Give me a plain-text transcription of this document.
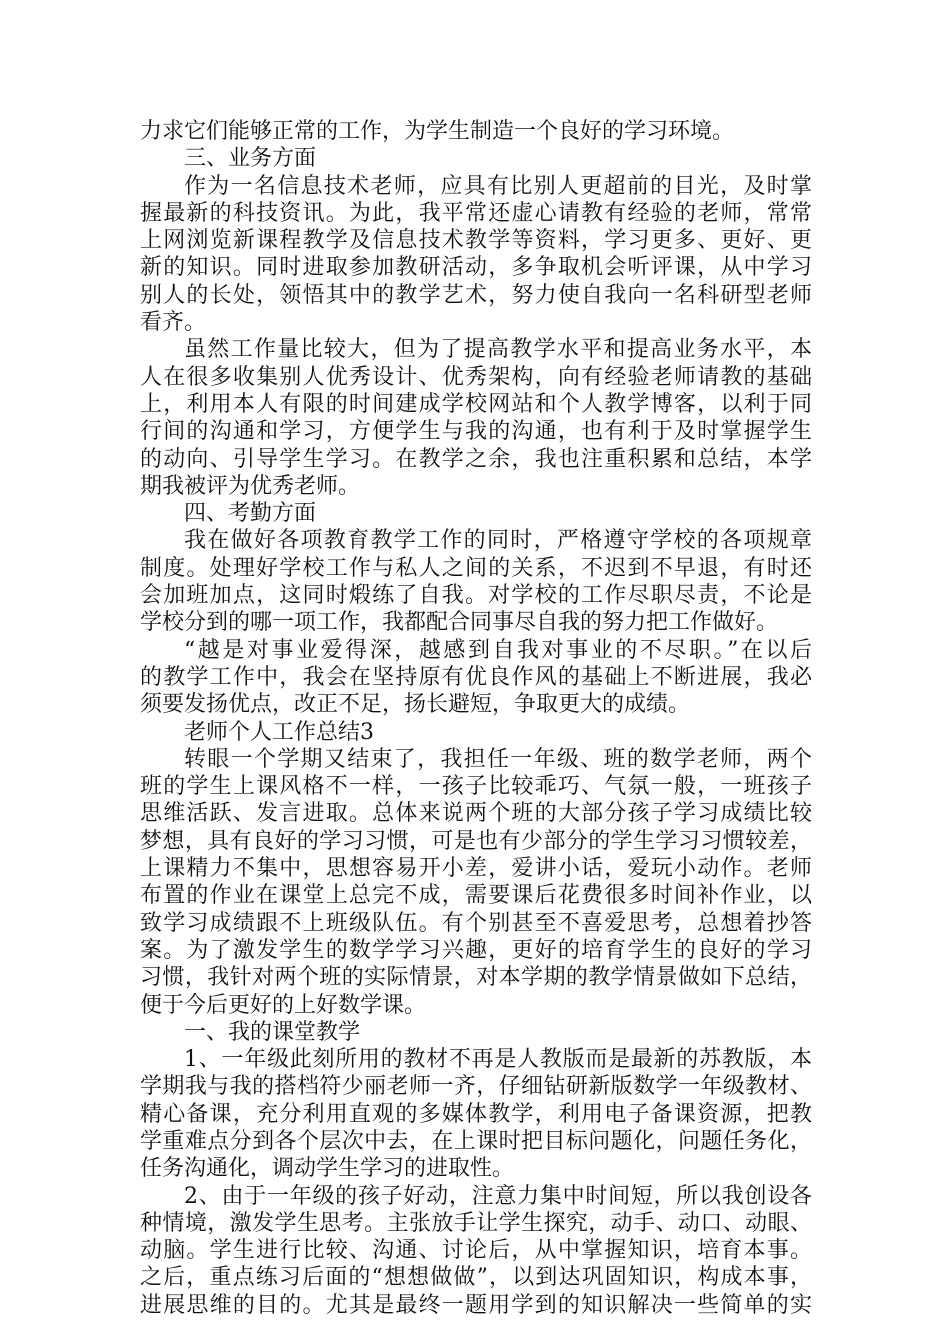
力求它们能够正常的工作，为学生制造一个良好的学习环境。
三、业务方面
作为一名信息技术老师，应具有比别人更超前的目光，及时掌
握最新的科技资讯。为此，我平常还虚心请教有经验的老师，常常
上网浏览新课程教学及信息技术教学等资料，学习更多、更好、更
新的知识。同时进取参加教研活动，多争取机会听评课，从中学习
别人的长处，领悟其中的教学艺术，努力使自我向一名科研型老师
看齐。
虽然工作量比较大，但为了提高教学水平和提高业务水平，本
人在很多收集别人优秀设计、优秀架构，向有经验老师请教的基础
上，利用本人有限的时间建成学校网站和个人教学博客，以利于同
行间的沟通和学习，方便学生与我的沟通，也有利于及时掌握学生
的动向、引导学生学习。在教学之余，我也注重积累和总结，本学
期我被评为优秀老师。
四、考勤方面
我在做好各项教育教学工作的同时，严格遵守学校的各项规章
制度。处理好学校工作与私人之间的关系，不迟到不早退，有时还
会加班加点，这同时煅练了自我。对学校的工作尽职尽责，不论是
学校分到的哪一项工作，我都配合同事尽自我的努力把工作做好。
“越是对事业爱得深，越感到自我对事业的不尽职。”在以后
的教学工作中，我会在坚持原有优良作风的基础上不断进展，我必
须要发扬优点，改正不足，扬长避短，争取更大的成绩。
老师个人工作总结3
转眼一个学期又结束了，我担任一年级、班的数学老师，两个
班的学生上课风格不一样，一孩子比较乖巧、气氛一般，一班孩子
思维活跃、发言进取。总体来说两个班的大部分孩子学习成绩比较
梦想，具有良好的学习习惯，可是也有少部分的学生学习习惯较差，
上课精力不集中，思想容易开小差，爱讲小话，爱玩小动作。老师
布置的作业在课堂上总完不成，需要课后花费很多时间补作业，以
致学习成绩跟不上班级队伍。有个别甚至不喜爱思考，总想着抄答
案。为了激发学生的数学学习兴趣，更好的培育学生的良好的学习
习惯，我针对两个班的实际情景，对本学期的教学情景做如下总结，
便于今后更好的上好数学课。
一、我的课堂教学
1、一年级此刻所用的教材不再是人教版而是最新的苏教版，本
学期我与我的搭档符少丽老师一齐，仔细钻研新版数学一年级教材、
精心备课，充分利用直观的多媒体教学，利用电子备课资源，把教
学重难点分到各个层次中去，在上课时把目标问题化，问题任务化，
任务沟通化，调动学生学习的进取性。
2、由于一年级的孩子好动，注意力集中时间短，所以我创设各
种情境，激发学生思考。主张放手让学生探究，动手、动口、动眼、
动脑。学生进行比较、沟通、讨论后，从中掌握知识，培育本事。
之后，重点练习后面的“想想做做”，以到达巩固知识，构成本事，
进展思维的目的。尤其是最终一题用学到的知识解决一些简单的实
